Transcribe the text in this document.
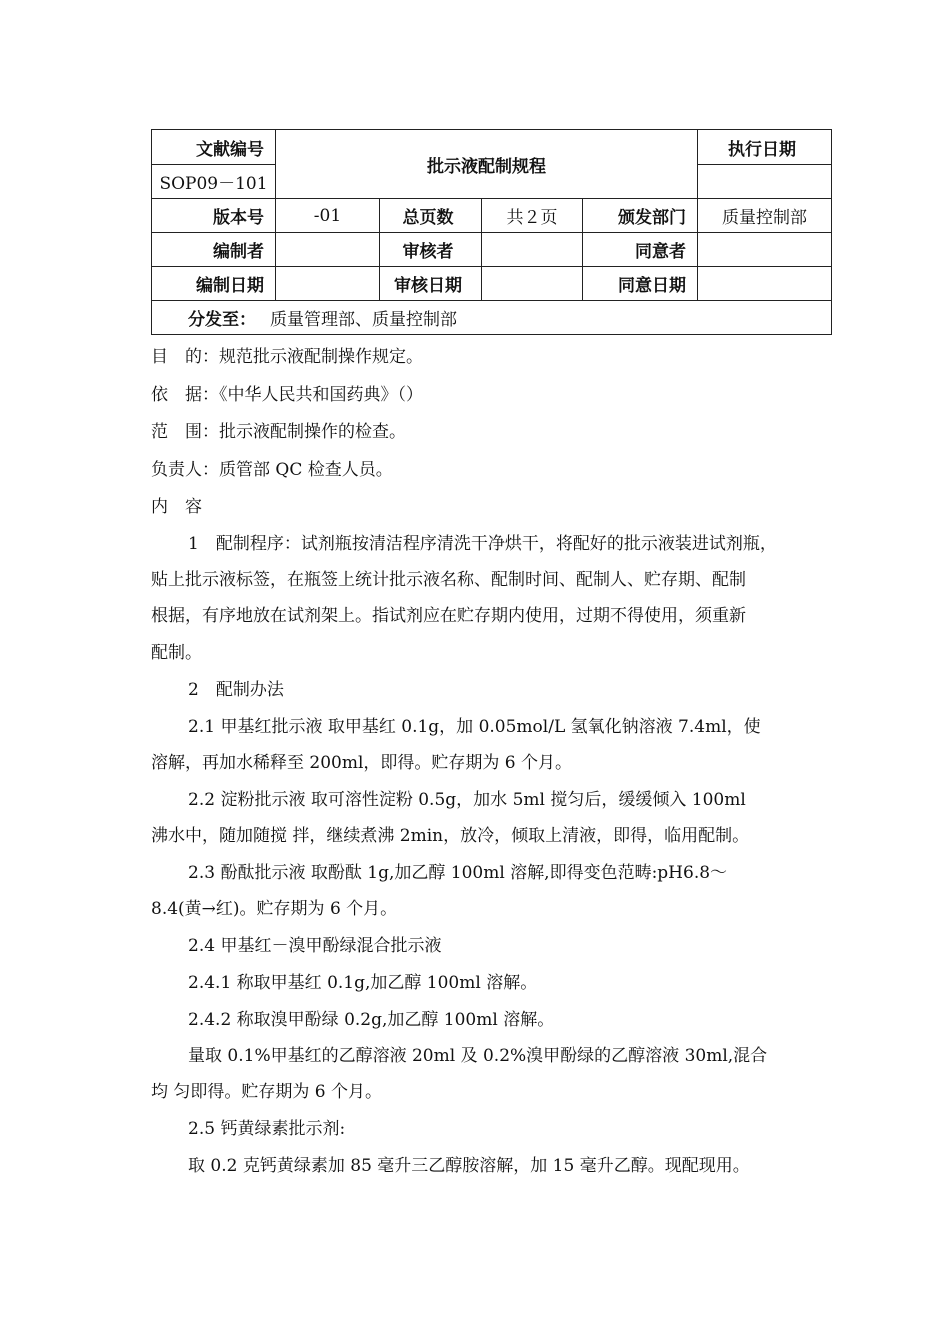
文献编号	批示液配制规程				执行日期
SOP09－101					
版本号	-01	总页数	共２页	颁发部门	质量控制部
编制者		审核者		同意者	
编制日期		审核日期		同意日期	
分发至： 质量管理部、质量控制部					
目　的：规范批示液配制操作规定。
依　据：《中华人民共和国药典》（）
范　围：批示液配制操作的检查。
负责人：质管部 QC 检查人员。
内　容
1　配制程序：试剂瓶按清洁程序清洗干净烘干，将配好的批示液装进试剂瓶，
贴上批示液标签，在瓶签上统计批示液名称、配制时间、配制人、贮存期、配制
根据，有序地放在试剂架上。指试剂应在贮存期内使用，过期不得使用，须重新
配制。
2　配制办法
2.1 甲基红批示液 取甲基红 0.1g，加 0.05mol/L 氢氧化钠溶液 7.4ml，使
溶解，再加水稀释至 200ml，即得。贮存期为 6 个月。
2.2 淀粉批示液 取可溶性淀粉 0.5g，加水 5ml 搅匀后，缓缓倾入 100ml
沸水中，随加随搅 拌，继续煮沸 2min，放冷，倾取上清液，即得，临用配制。
2.3 酚酞批示液 取酚酞 1g,加乙醇 100ml 溶解,即得变色范畴:pH6.8～
8.4(黄→红)。贮存期为 6 个月。
2.4 甲基红－溴甲酚绿混合批示液
2.4.1 称取甲基红 0.1g,加乙醇 100ml 溶解。
2.4.2 称取溴甲酚绿 0.2g,加乙醇 100ml 溶解。
量取 0.1%甲基红的乙醇溶液 20ml 及 0.2%溴甲酚绿的乙醇溶液 30ml,混合
均 匀即得。贮存期为 6 个月。
2.5 钙黄绿素批示剂:
取 0.2 克钙黄绿素加 85 毫升三乙醇胺溶解，加 15 毫升乙醇。现配现用。
